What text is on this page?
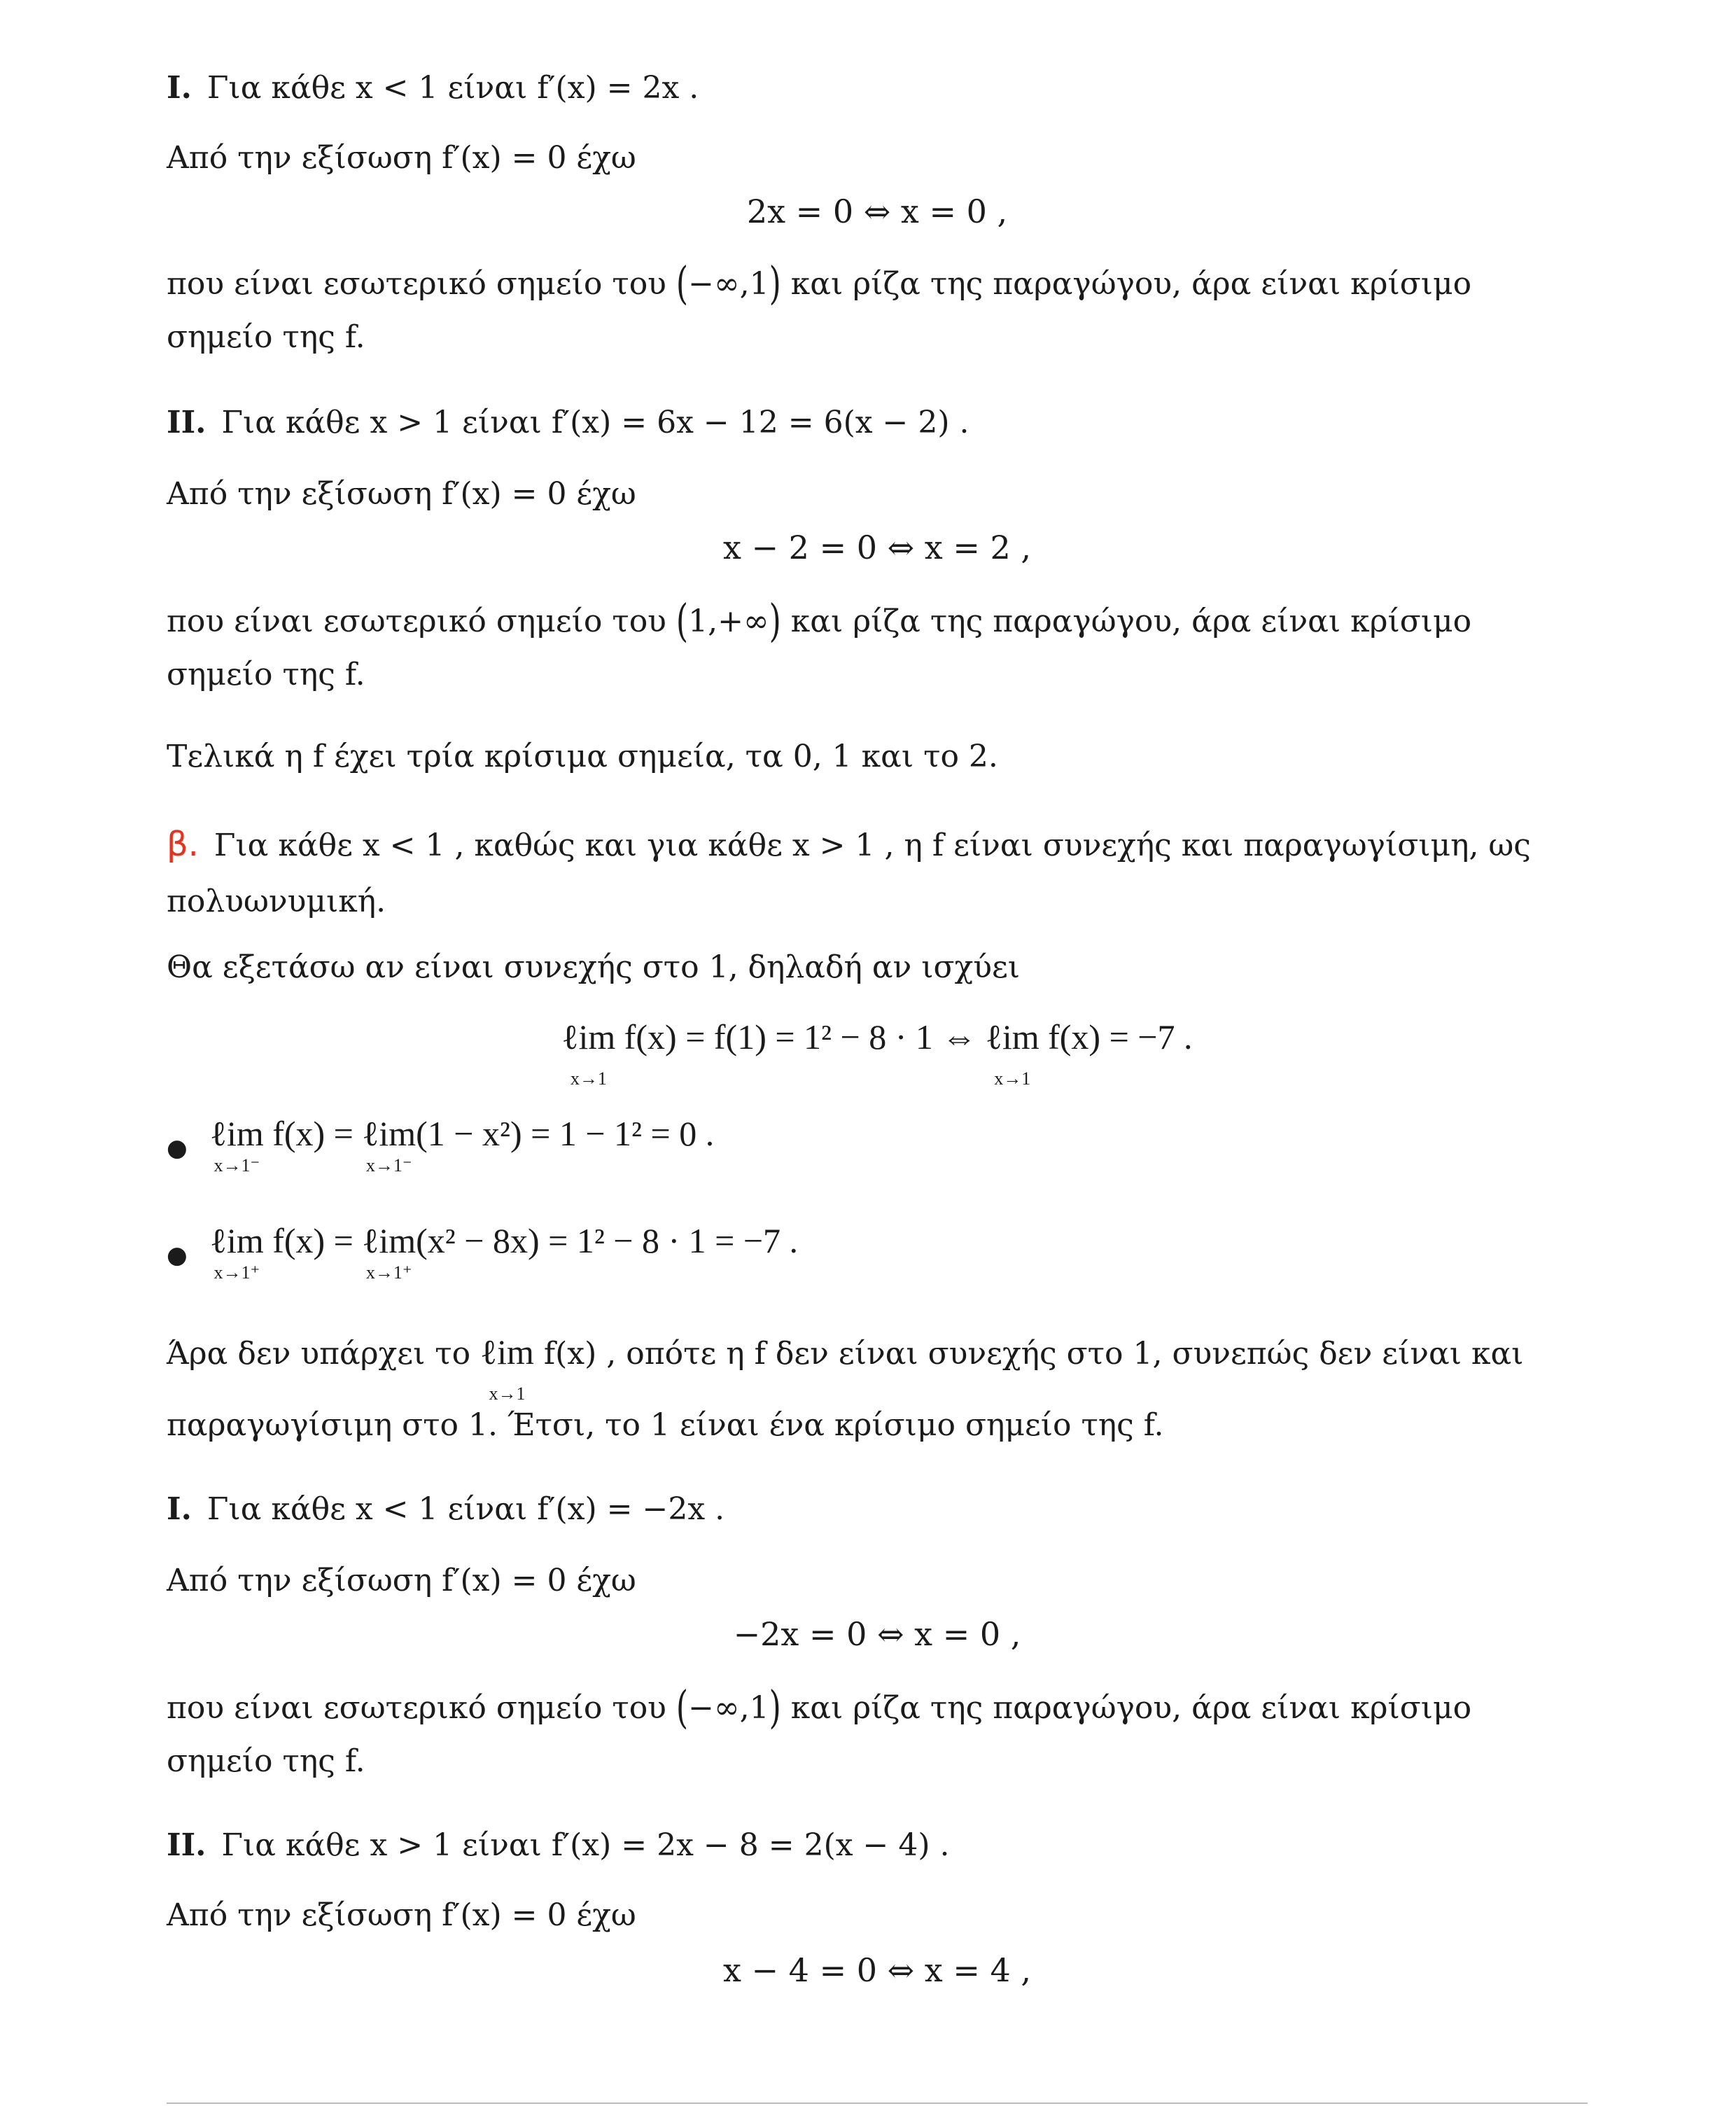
I. Για κάθε x < 1 είναι f′(x) = 2x .
Από την εξίσωση f′(x) = 0 έχω
2x = 0 ⇔ x = 0 ,
που είναι εσωτερικό σημείο του (−∞,1) και ρίζα της παραγώγου, άρα είναι κρίσιμο
σημείο της f.
II. Για κάθε x > 1 είναι f′(x) = 6x − 12 = 6(x − 2) .
Από την εξίσωση f′(x) = 0 έχω
x − 2 = 0 ⇔ x = 2 ,
που είναι εσωτερικό σημείο του (1,+∞) και ρίζα της παραγώγου, άρα είναι κρίσιμο
σημείο της f.
Τελικά η f έχει τρία κρίσιμα σημεία, τα 0, 1 και το 2.
β. Για κάθε x < 1 , καθώς και για κάθε x > 1 , η f είναι συνεχής και παραγωγίσιμη, ως
πολυωνυμική.
Θα εξετάσω αν είναι συνεχής στο 1, δηλαδή αν ισχύει
ℓim
x→1
f(x) = f(1) = 1² − 8 · 1 ⇔ ℓim
x→1
f(x) = −7 .
● ℓim
x→1⁻
f(x) = ℓim
x→1⁻
(1 − x²) = 1 − 1² = 0 .
● ℓim
x→1⁺
f(x) = ℓim
x→1⁺
(x² − 8x) = 1² − 8 · 1 = −7 .
Άρα δεν υπάρχει το ℓim
x→1
f(x) , οπότε η f δεν είναι συνεχής στο 1, συνεπώς δεν είναι και
παραγωγίσιμη στο 1. Έτσι, το 1 είναι ένα κρίσιμο σημείο της f.
I. Για κάθε x < 1 είναι f′(x) = −2x .
Από την εξίσωση f′(x) = 0 έχω
−2x = 0 ⇔ x = 0 ,
που είναι εσωτερικό σημείο του (−∞,1) και ρίζα της παραγώγου, άρα είναι κρίσιμο
σημείο της f.
II. Για κάθε x > 1 είναι f′(x) = 2x − 8 = 2(x − 4) .
Από την εξίσωση f′(x) = 0 έχω
x − 4 = 0 ⇔ x = 4 ,
